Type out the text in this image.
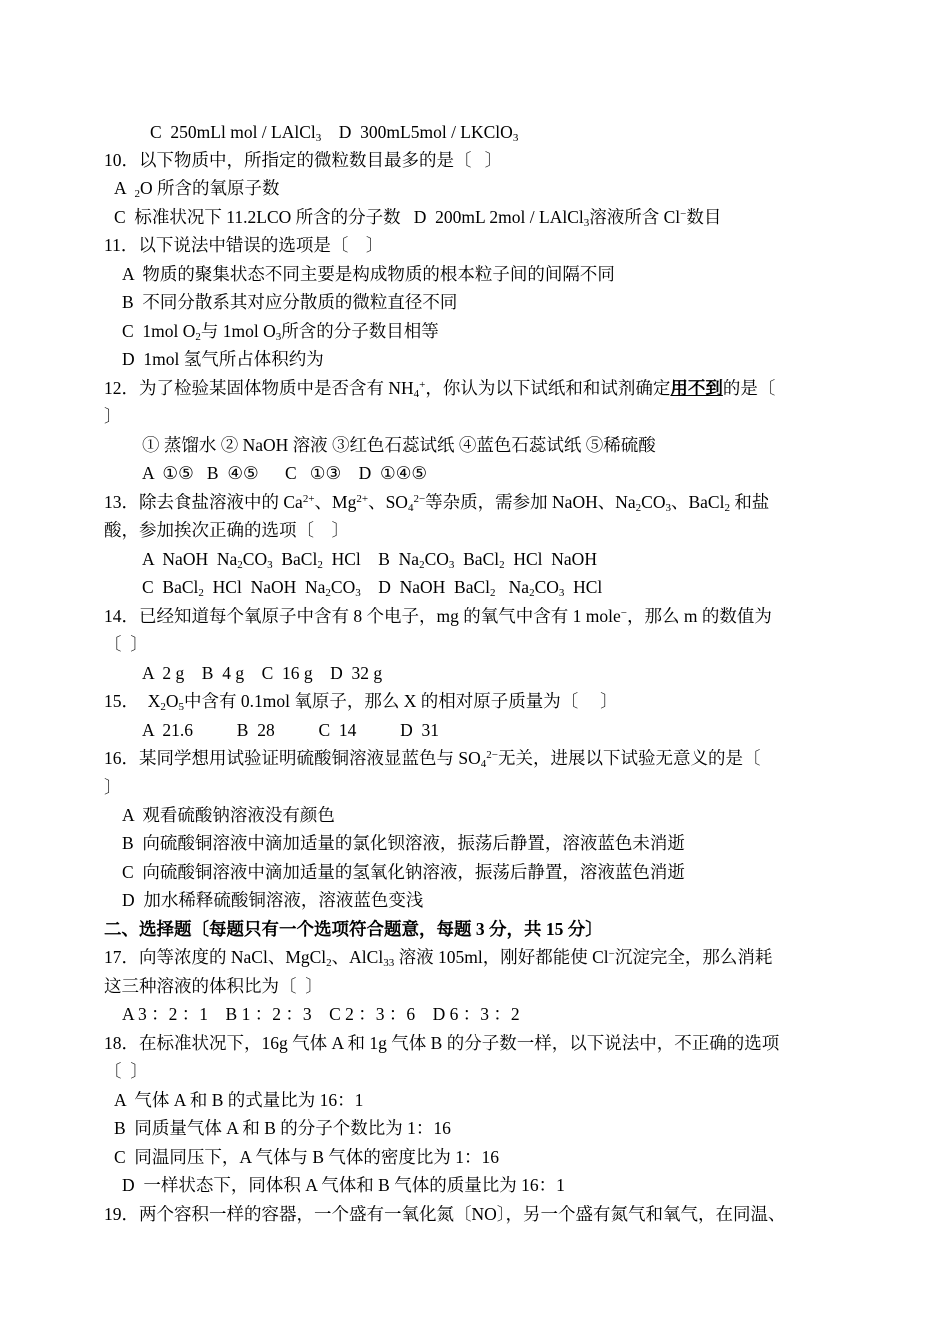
C  250mLl mol / LAlCl$_3$    D  300mL5mol / LKClO$_3$
10．以下物质中，所指定的微粒数目最多的是〔   〕
A  $_2$O 所含的氧原子数
C  标准状况下 11.2LCO 所含的分子数   D  200mL 2mol / LAlCl$_3$溶液所含 Cl−数目
11．以下说法中错误的选项是〔    〕
A  物质的聚集状态不同主要是构成物质的根本粒子间的间隔不同
B  不同分散系其对应分散质的微粒直径不同
C  1mol $O_2$与 1mol $O_3$所含的分子数目相等
D  1mol 氢气所占体积约为
12．为了检验某固体物质中是否含有 $NH_4^+$，你认为以下试纸和和试剂确定用不到的是〔
〕
① 蒸馏水 ② NaOH 溶液 ③红色石蕊试纸 ④蓝色石蕊试纸 ⑤稀硫酸
A  ①⑤   B  ④⑤      C   ①③    D  ①④⑤
13．除去食盐溶液中的 $Ca^{2+}$、$Mg^{2+}$、$SO_4^{2-}$等杂质，需参加 NaOH、$Na_2CO_3$、BaCl$_2$ 和盐
酸，参加挨次正确的选项〔    〕
A  NaOH  $Na_2CO_3$  BaCl$_2$  HCl    B  $Na_2CO_3$  BaCl$_2$  HCl  NaOH
C  BaCl$_2$  HCl  NaOH  $Na_2CO_3$    D  NaOH  BaCl$_2$   $Na_2CO_3$  HCl
14．已经知道每个氧原子中含有 8 个电子，mg 的氧气中含有 1 mole−，那么 m 的数值为
〔  〕
A  2 g    B  4 g    C  16 g    D  32 g
15．  $X_2O_5$中含有 0.1mol 氧原子，那么 X 的相对原子质量为〔     〕
A  21.6          B  28          C  14          D  31
16．某同学想用试验证明硫酸铜溶液显蓝色与 $SO_4^{2-}$无关，进展以下试验无意义的是〔
〕
A  观看硫酸钠溶液没有颜色
B  向硫酸铜溶液中滴加适量的氯化钡溶液，振荡后静置，溶液蓝色未消逝
C  向硫酸铜溶液中滴加适量的氢氧化钠溶液，振荡后静置，溶液蓝色消逝
D  加水稀释硫酸铜溶液，溶液蓝色变浅
二、选择题〔每题只有一个选项符合题意，每题 3 分，共 15 分〕
17．向等浓度的 NaCl、MgCl$_2$、AlCl$_{33}$ 溶液 105ml，刚好都能使 Cl−沉淀完全，那么消耗
这三种溶液的体积比为〔  〕
A 3 ：2 ：1    B 1 ：2 ：3    C 2 ：3 ：6    D 6 ：3 ：2
18．在标准状况下，16g 气体 A 和 1g 气体 B 的分子数一样，以下说法中，不正确的选项
〔  〕
A  气体 A 和 B 的式量比为 16：1
B  同质量气体 A 和 B 的分子个数比为 1：16
C  同温同压下，A 气体与 B 气体的密度比为 1：16
D  一样状态下，同体积 A 气体和 B 气体的质量比为 16：1
19．两个容积一样的容器，一个盛有一氧化氮〔NO〕，另一个盛有氮气和氧气，在同温、
